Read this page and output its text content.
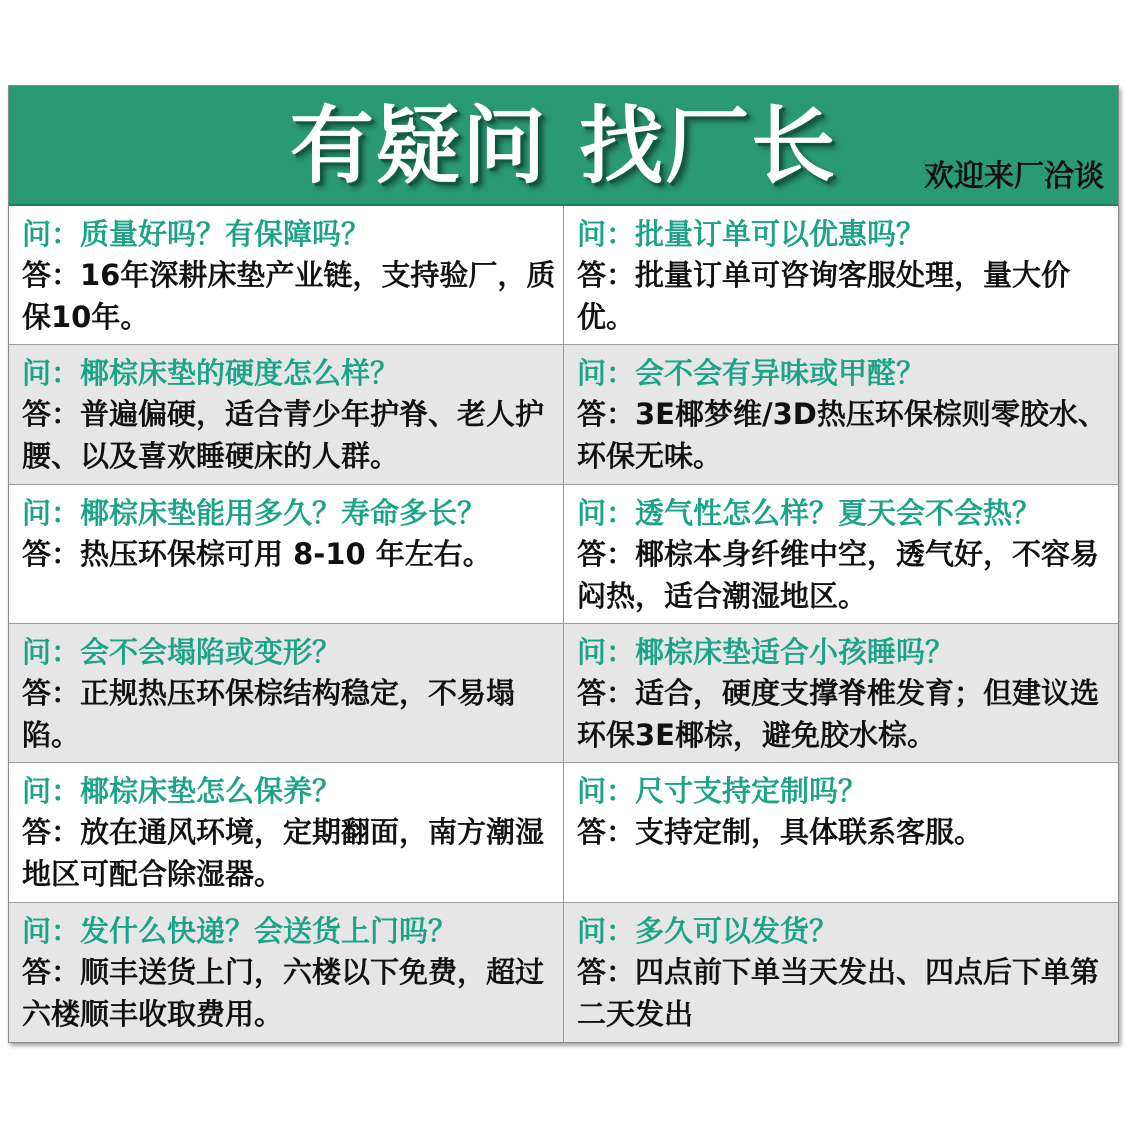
有疑问 找厂长	欢迎来厂洽谈
问：质量好吗？有保障吗？
答：16年深耕床垫产业链，支持验厂，质保10年。
问：批量订单可以优惠吗？
答：批量订单可咨询客服处理，量大价优。
问：椰棕床垫的硬度怎么样？
答：普遍偏硬，适合青少年护脊、老人护腰、以及喜欢睡硬床的人群。
问：会不会有异味或甲醛？
答：3E椰梦维/3D热压环保棕则零胶水、环保无味。
问：椰棕床垫能用多久？寿命多长？
答：热压环保棕可用 8-10 年左右。
问：透气性怎么样？夏天会不会热？
答：椰棕本身纤维中空，透气好，不容易闷热，适合潮湿地区。
问：会不会塌陷或变形？
答：正规热压环保棕结构稳定，不易塌陷。
问：椰棕床垫适合小孩睡吗？
答：适合，硬度支撑脊椎发育；但建议选环保3E椰棕，避免胶水棕。
问：椰棕床垫怎么保养？
答：放在通风环境，定期翻面，南方潮湿地区可配合除湿器。
问：尺寸支持定制吗？
答：支持定制，具体联系客服。
问：发什么快递？会送货上门吗？
答：顺丰送货上门，六楼以下免费，超过六楼顺丰收取费用。
问：多久可以发货？
答：四点前下单当天发出、四点后下单第二天发出
